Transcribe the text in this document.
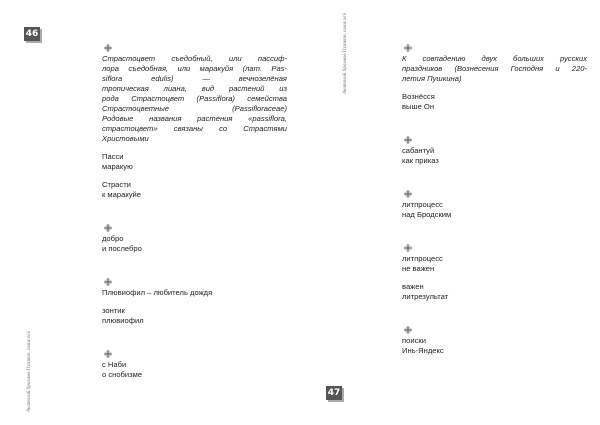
46
Анатолий Храмков Пушкин, наше всё
Страстоцвет съедобный, или пассиф-
лора съедобная, или маракуйя (лат. Pas-
siflora edulis) — вечнозелёная
тропическая лиана, вид растений из
рода Страстоцвет (Passiflora) семейства
Страстоцветные (Passifloraceae)
Родовые названия растения «passiflora,
страстоцвет» связаны со Страстями
Христовыми
Пасси
маракую
Страсти
к маракуйе
добро
и послебро
Плювиофил – любитель дождя
зонтик
плювиофил
с Наби
о снобизме
Анатолий Храмков Пушкин, наше всё
К совпадению двух больших русских
праздников (Вознесения Господня и 220-
летия Пушкина)
Вознёсся
выше Он
сабантуй
как приказ
литпроцесс
над Бродским
литпроцесс
не важен
важен
литрезультат
поиски
Инь-Яндекс
47
